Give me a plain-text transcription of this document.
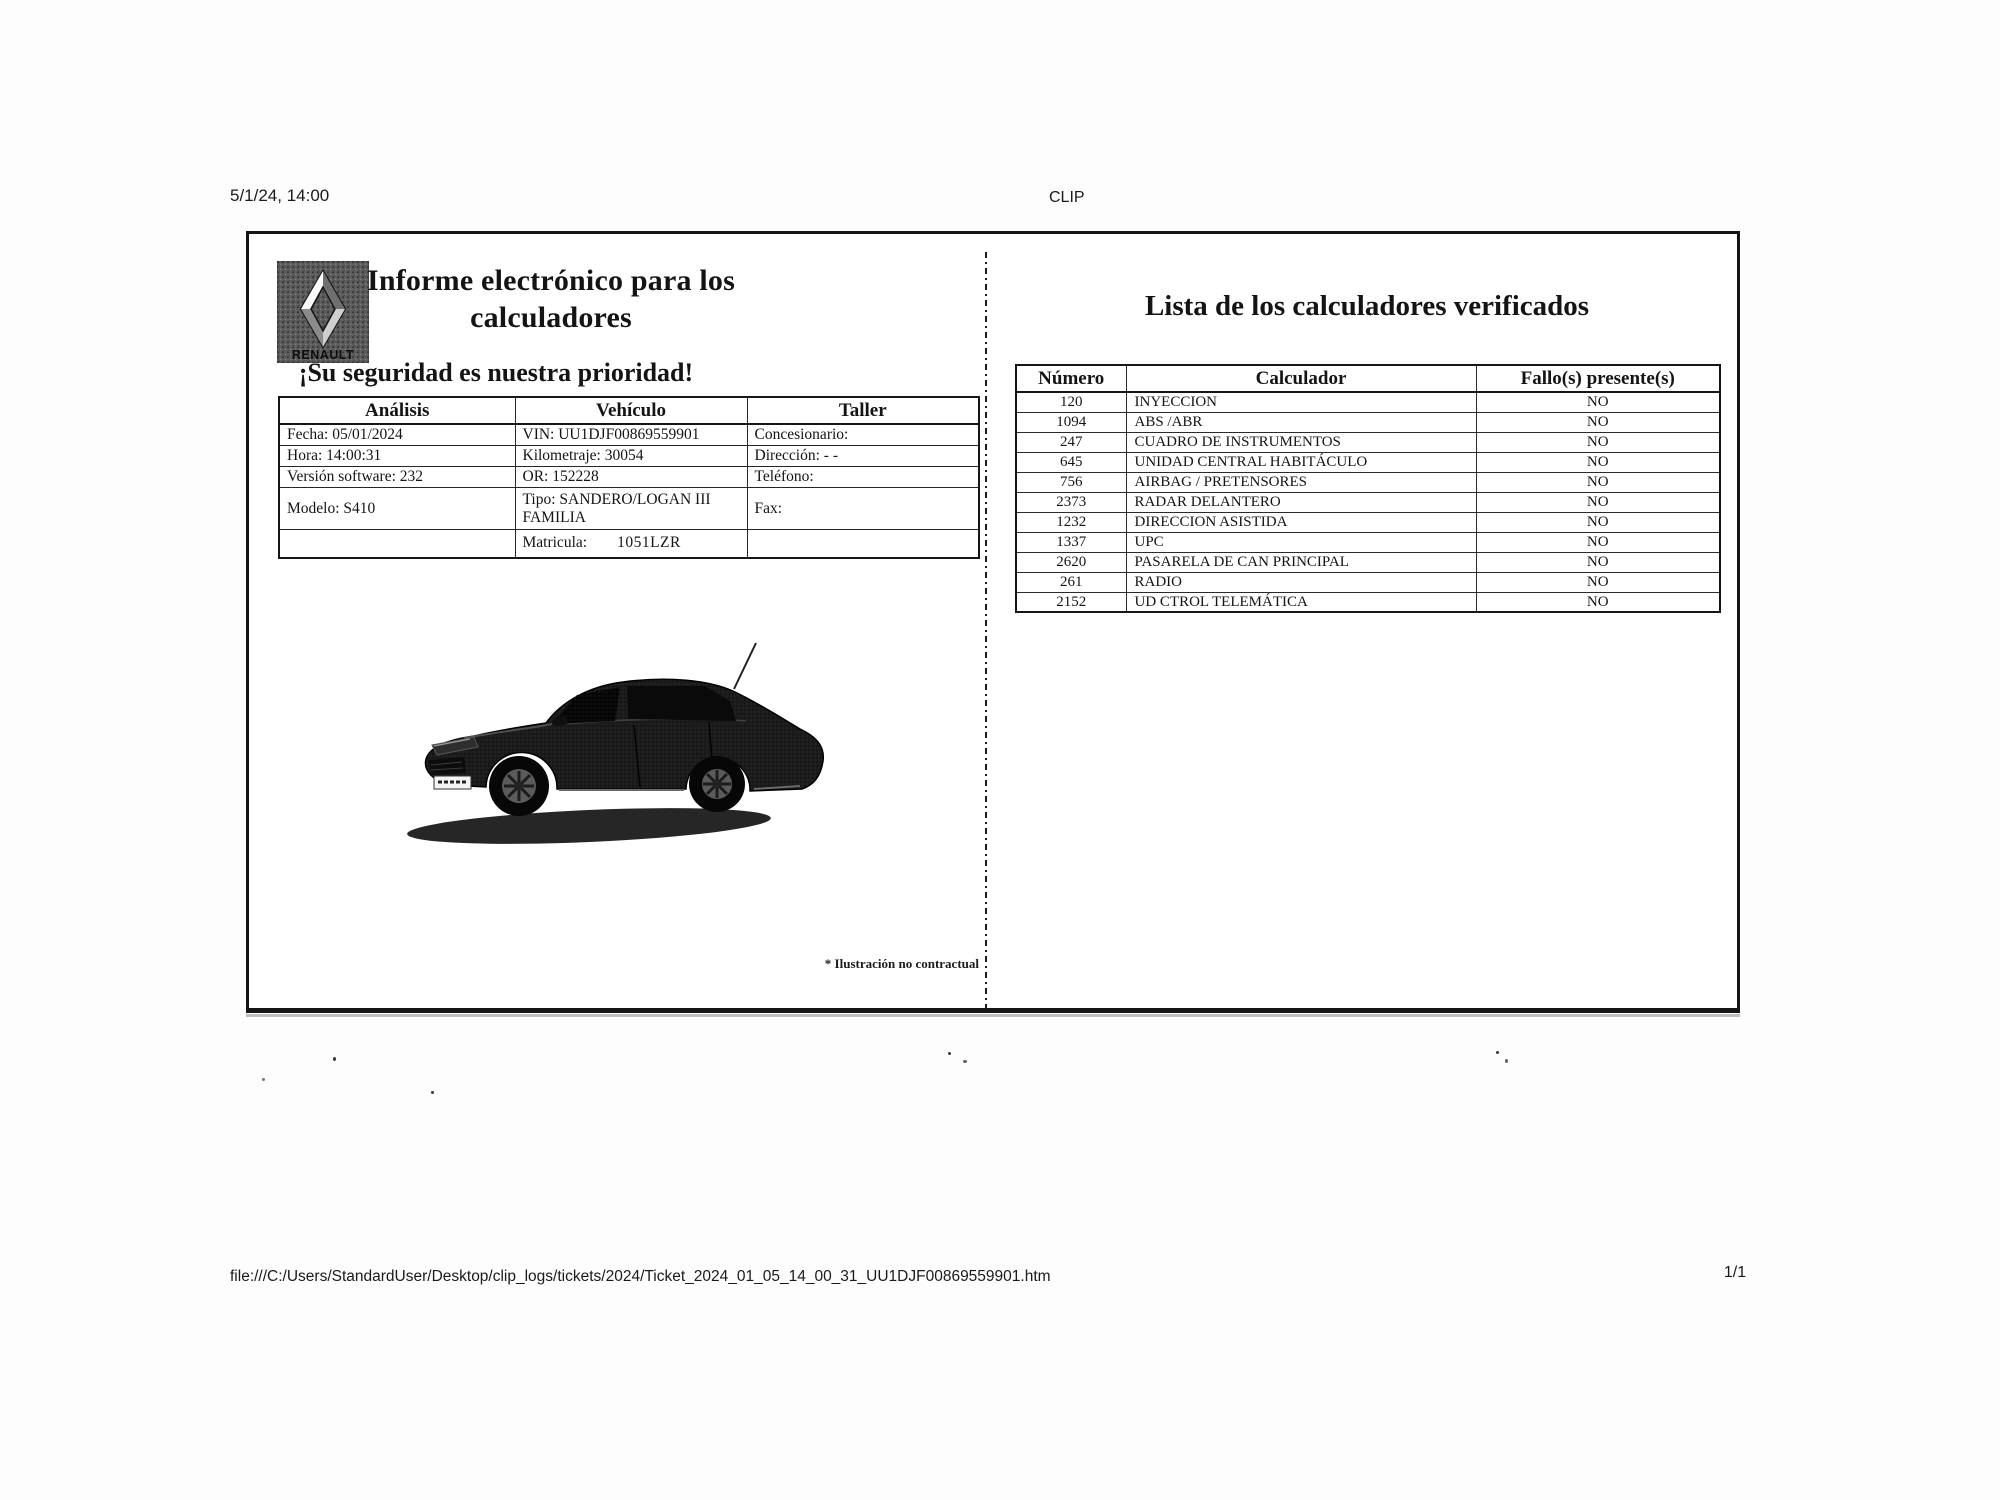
5/1/24, 14:00	CLIP
RENAULT
Informe electrónico para los
calculadores
¡Su seguridad es nuestra prioridad!
Análisis	Vehículo	Taller
Fecha: 05/01/2024	VIN: UU1DJF00869559901	Concesionario:
Hora: 14:00:31	Kilometraje: 30054	Dirección: - -
Versión software: 232	OR: 152228	Teléfono:
Modelo: S410	Tipo: SANDERO/LOGAN III FAMILIA	Fax:
	Matricula: 1051LZR	
* Ilustración no contractual
Lista de los calculadores verificados
Número	Calculador	Fallo(s) presente(s)
120	INYECCION	NO
1094	ABS /ABR	NO
247	CUADRO DE INSTRUMENTOS	NO
645	UNIDAD CENTRAL HABITÁCULO	NO
756	AIRBAG / PRETENSORES	NO
2373	RADAR DELANTERO	NO
1232	DIRECCION ASISTIDA	NO
1337	UPC	NO
2620	PASARELA DE CAN PRINCIPAL	NO
261	RADIO	NO
2152	UD CTROL TELEMÁTICA	NO
file:///C:/Users/StandardUser/Desktop/clip_logs/tickets/2024/Ticket_2024_01_05_14_00_31_UU1DJF00869559901.htm	1/1
